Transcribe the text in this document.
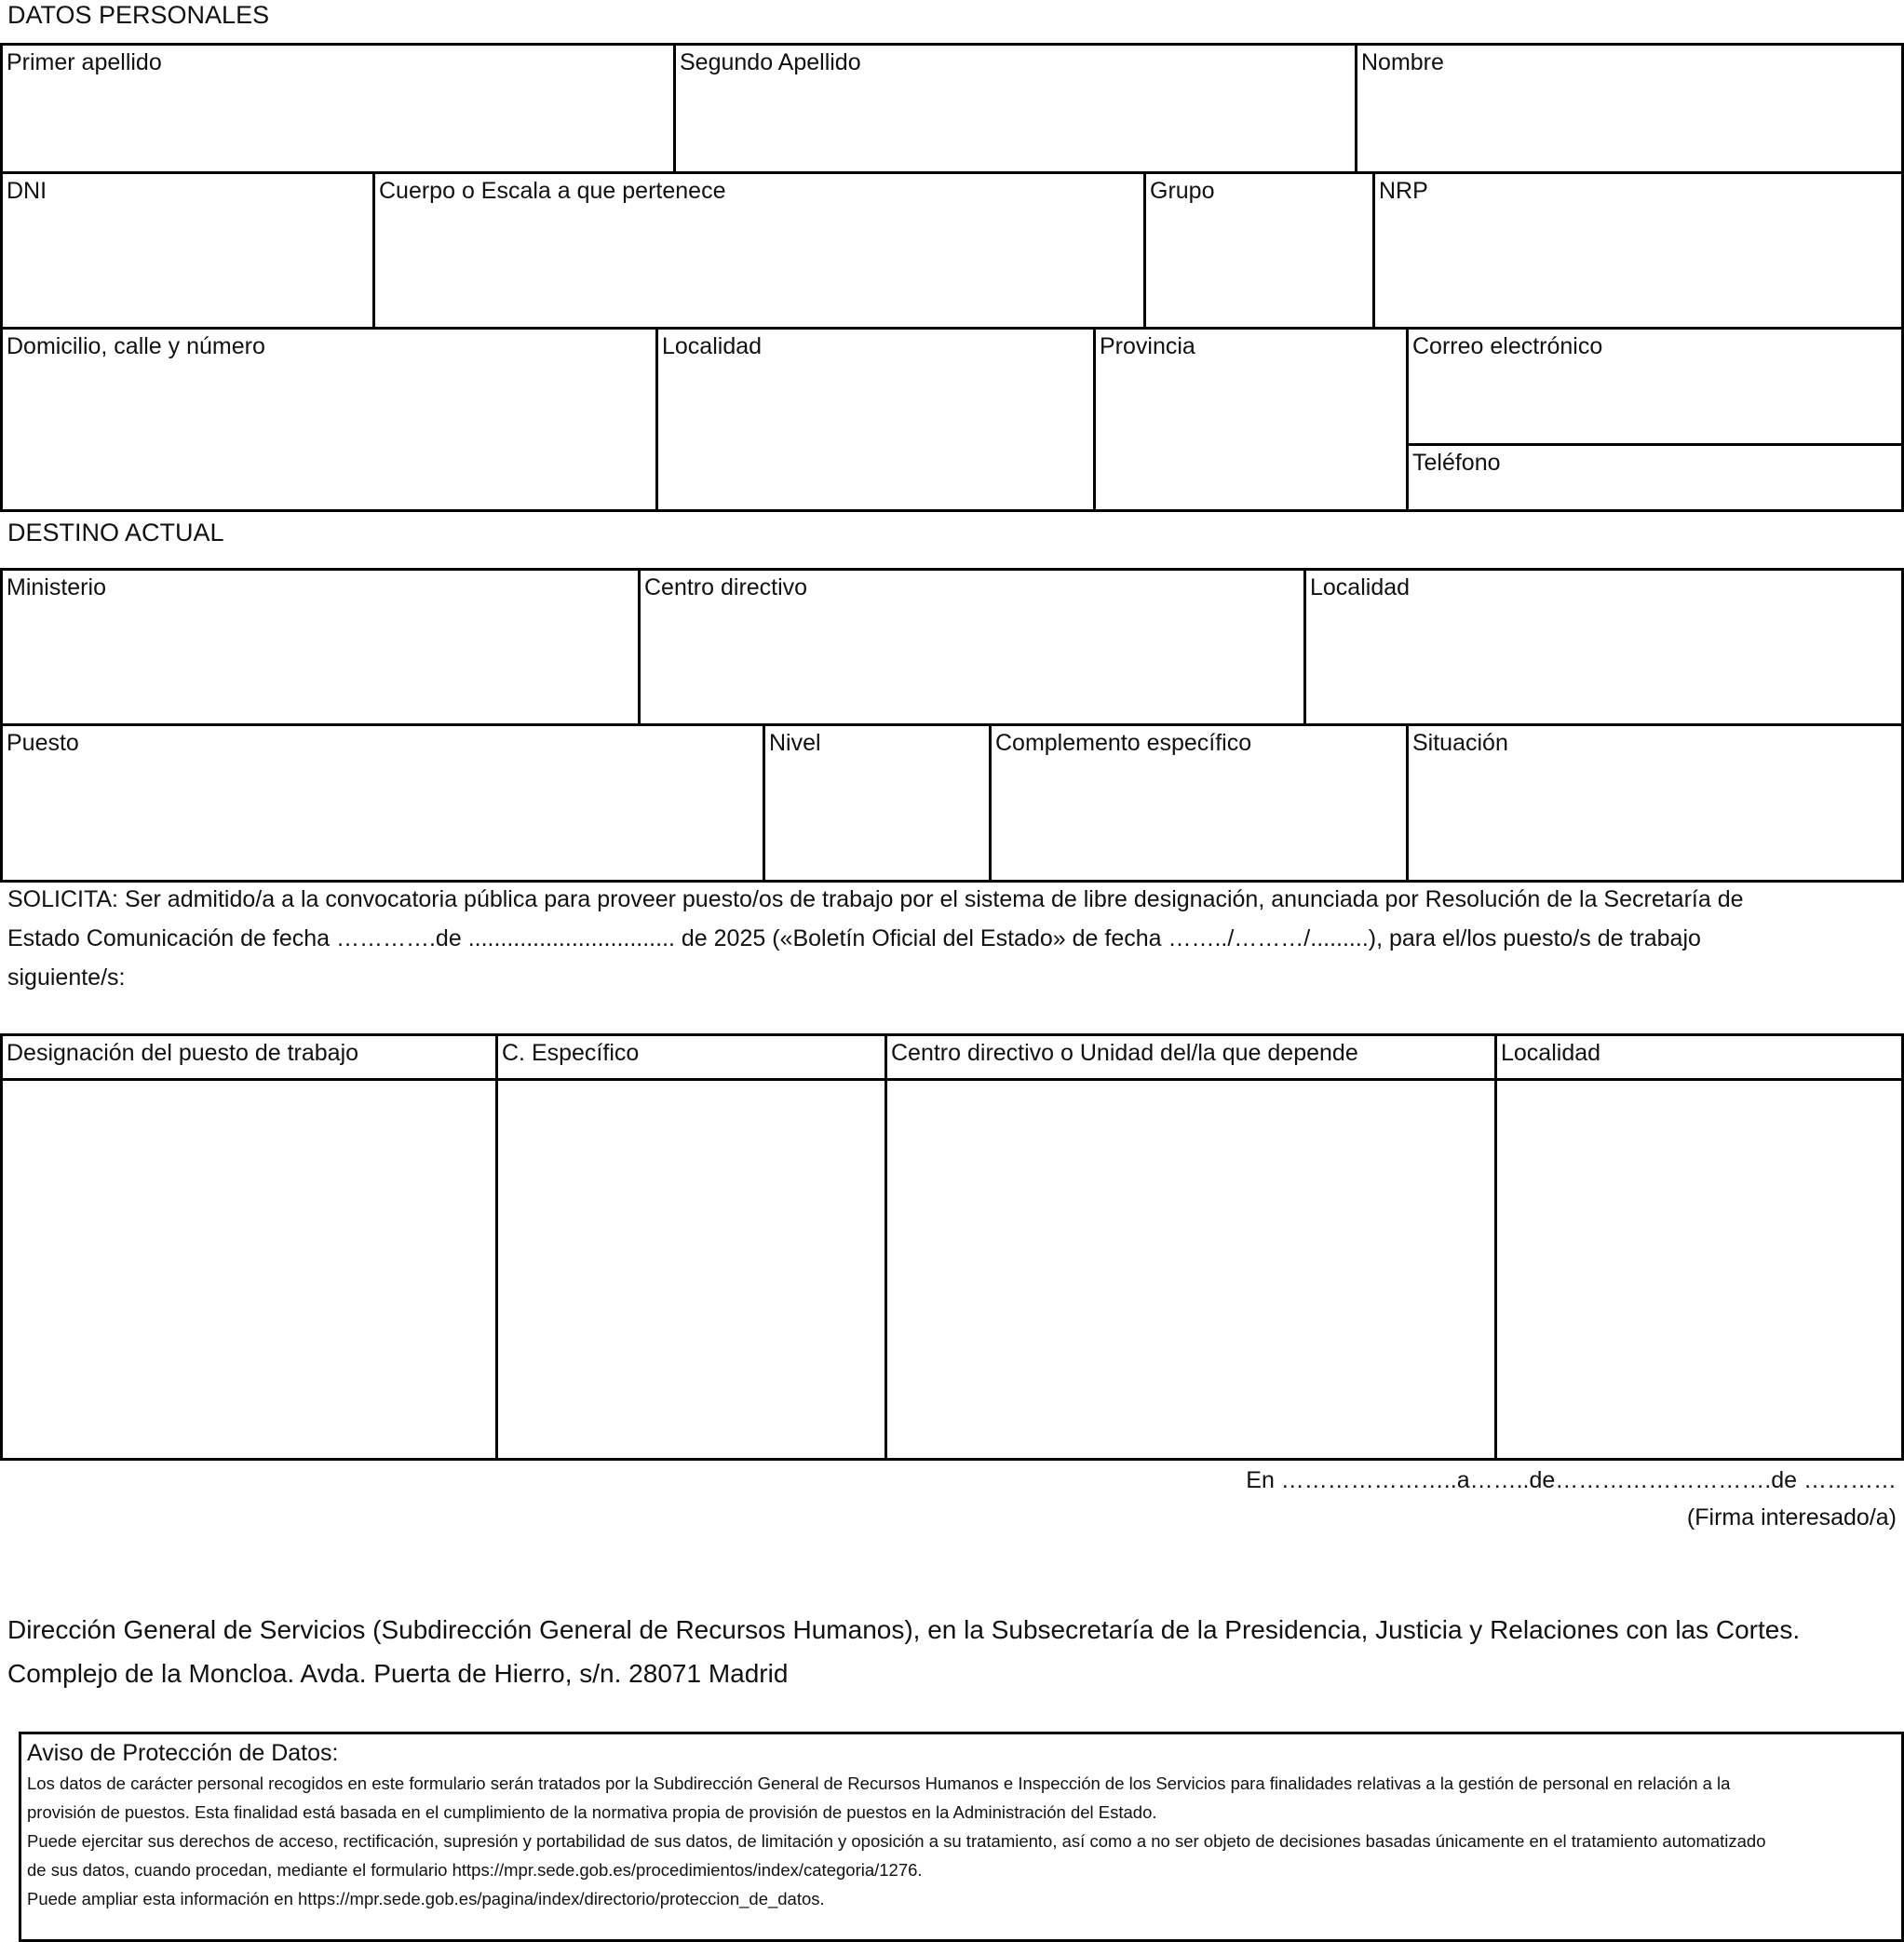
DATOS PERSONALES
Primer apellido	Segundo Apellido	Nombre
DNI	Cuerpo o Escala a que pertenece	Grupo	NRP
Domicilio, calle y número	Localidad	Provincia	Correo electrónico
Teléfono
DESTINO ACTUAL
Ministerio	Centro directivo	Localidad
Puesto	Nivel	Complemento específico	Situación
SOLICITA: Ser admitido/a a la convocatoria pública para proveer puesto/os de trabajo por el sistema de libre designación, anunciada por Resolución de la Secretaría de
Estado Comunicación de fecha ………….de ................................ de 2025 («Boletín Oficial del Estado» de fecha ……../………/.........), para el/los puesto/s de trabajo
siguiente/s:
Designación del puesto de trabajo	C. Específico	Centro directivo o Unidad del/la que depende	Localidad
En …………………..a……..de……………………….de …………
(Firma interesado/a)
Dirección General de Servicios (Subdirección General de Recursos Humanos), en la Subsecretaría de la Presidencia, Justicia y Relaciones con las Cortes.
Complejo de la Moncloa. Avda. Puerta de Hierro, s/n. 28071 Madrid
Aviso de Protección de Datos:
Los datos de carácter personal recogidos en este formulario serán tratados por la Subdirección General de Recursos Humanos e Inspección de los Servicios para finalidades relativas a la gestión de personal en relación a la
provisión de puestos. Esta finalidad está basada en el cumplimiento de la normativa propia de provisión de puestos en la Administración del Estado.
Puede ejercitar sus derechos de acceso, rectificación, supresión y portabilidad de sus datos, de limitación y oposición a su tratamiento, así como a no ser objeto de decisiones basadas únicamente en el tratamiento automatizado
de sus datos, cuando procedan, mediante el formulario https://mpr.sede.gob.es/procedimientos/index/categoria/1276.
Puede ampliar esta información en https://mpr.sede.gob.es/pagina/index/directorio/proteccion_de_datos.
